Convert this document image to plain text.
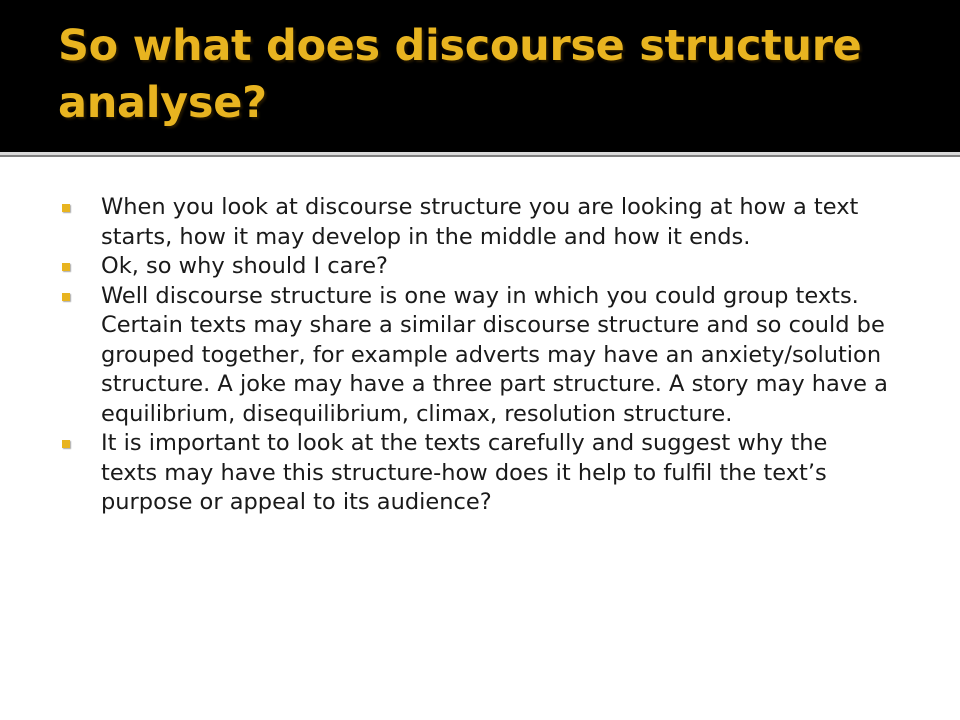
So what does discourse structure analyse?
When you look at discourse structure you are looking at how a text starts, how it may develop in the middle and how it ends.
Ok, so why should I care?
Well discourse structure is one way in which you could group texts. Certain texts may share a similar discourse structure and so could be grouped together, for example adverts may have an anxiety/solution structure. A joke may have a three part structure. A story may have a equilibrium, disequilibrium, climax, resolution structure.
It is important to look at the texts carefully and suggest why the texts may have this structure-how does it help to fulfil the text’s purpose or appeal to its audience?
